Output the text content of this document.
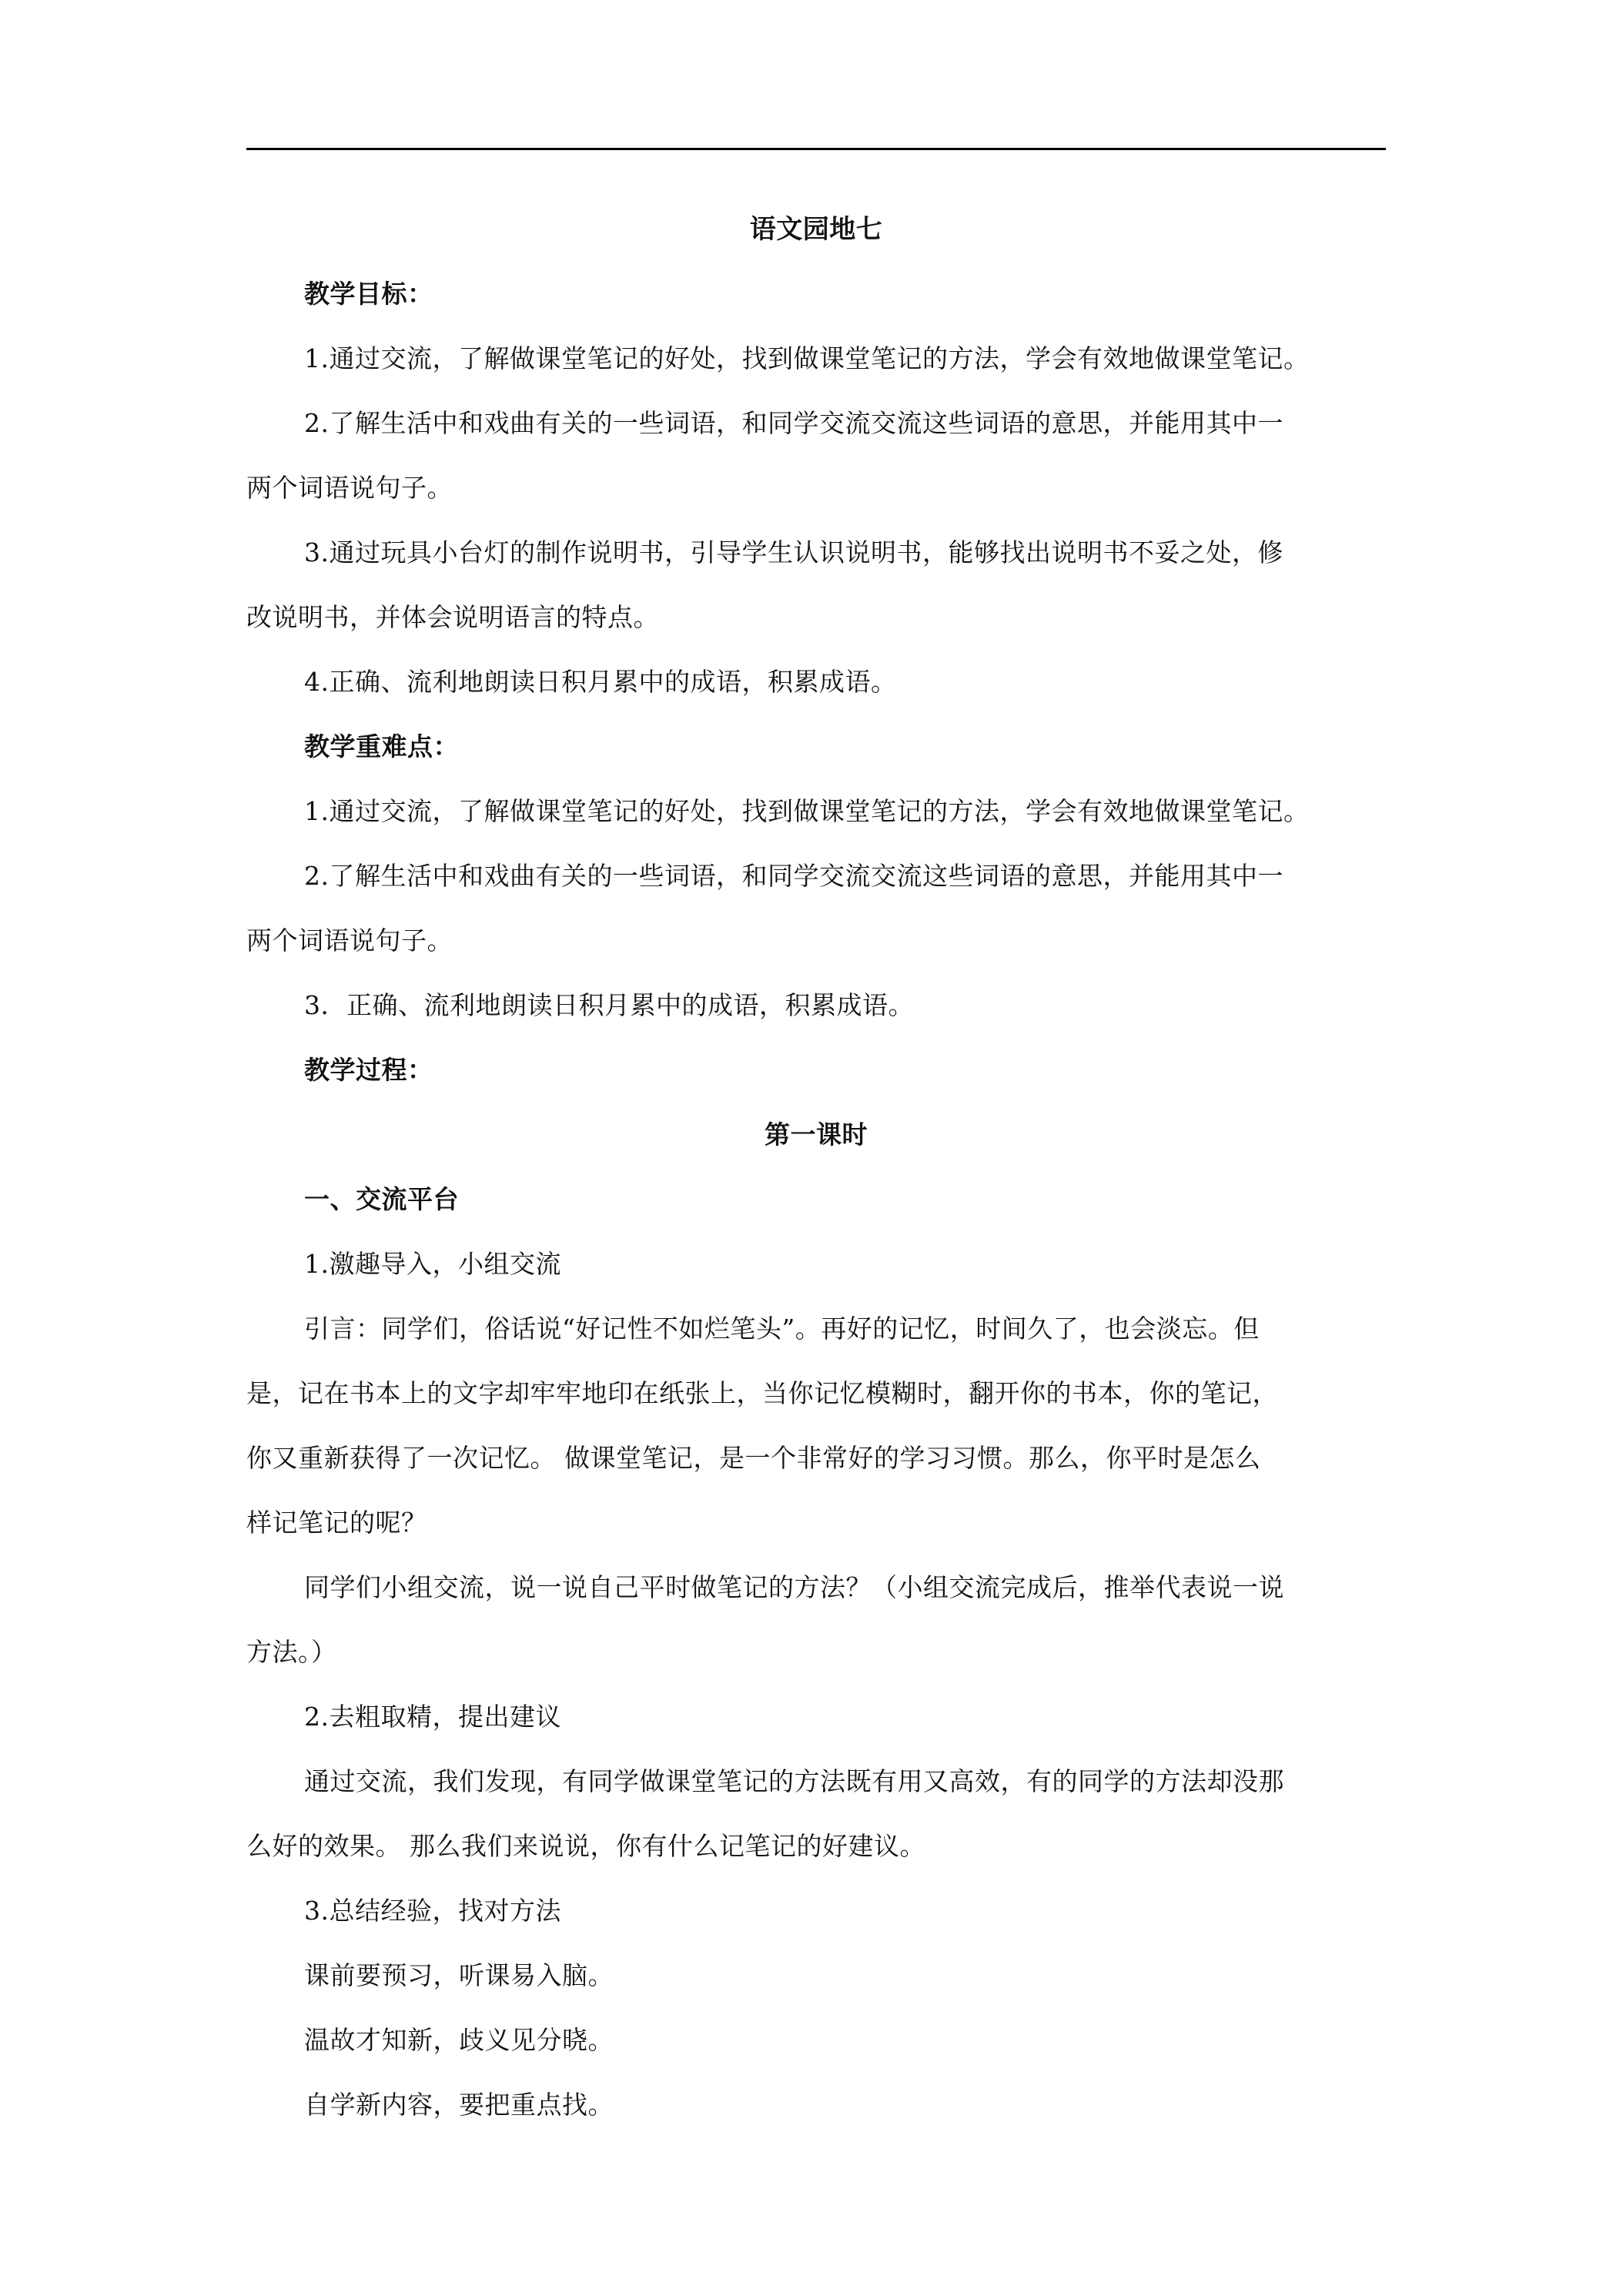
语文园地七
教学目标：
1.通过交流，了解做课堂笔记的好处，找到做课堂笔记的方法，学会有效地做课堂笔记。
2.了解生活中和戏曲有关的一些词语，和同学交流交流这些词语的意思，并能用其中一
两个词语说句子。
3.通过玩具小台灯的制作说明书，引导学生认识说明书，能够找出说明书不妥之处，修
改说明书，并体会说明语言的特点。
4.正确、流利地朗读日积月累中的成语，积累成语。
教学重难点：
1.通过交流，了解做课堂笔记的好处，找到做课堂笔记的方法，学会有效地做课堂笔记。
2.了解生活中和戏曲有关的一些词语，和同学交流交流这些词语的意思，并能用其中一
两个词语说句子。
3．正确、流利地朗读日积月累中的成语，积累成语。
教学过程：
第一课时
一、交流平台
1.激趣导入，小组交流
引言：同学们，俗话说“好记性不如烂笔头”。再好的记忆，时间久了，也会淡忘。但
是，记在书本上的文字却牢牢地印在纸张上，当你记忆模糊时，翻开你的书本，你的笔记，
你又重新获得了一次记忆。 做课堂笔记，是一个非常好的学习习惯。那么，你平时是怎么
样记笔记的呢？
同学们小组交流，说一说自己平时做笔记的方法？（小组交流完成后，推举代表说一说
方法。）
2.去粗取精，提出建议
通过交流，我们发现，有同学做课堂笔记的方法既有用又高效，有的同学的方法却没那
么好的效果。 那么我们来说说，你有什么记笔记的好建议。
3.总结经验，找对方法
课前要预习，听课易入脑。
温故才知新，歧义见分晓。
自学新内容，要把重点找。
